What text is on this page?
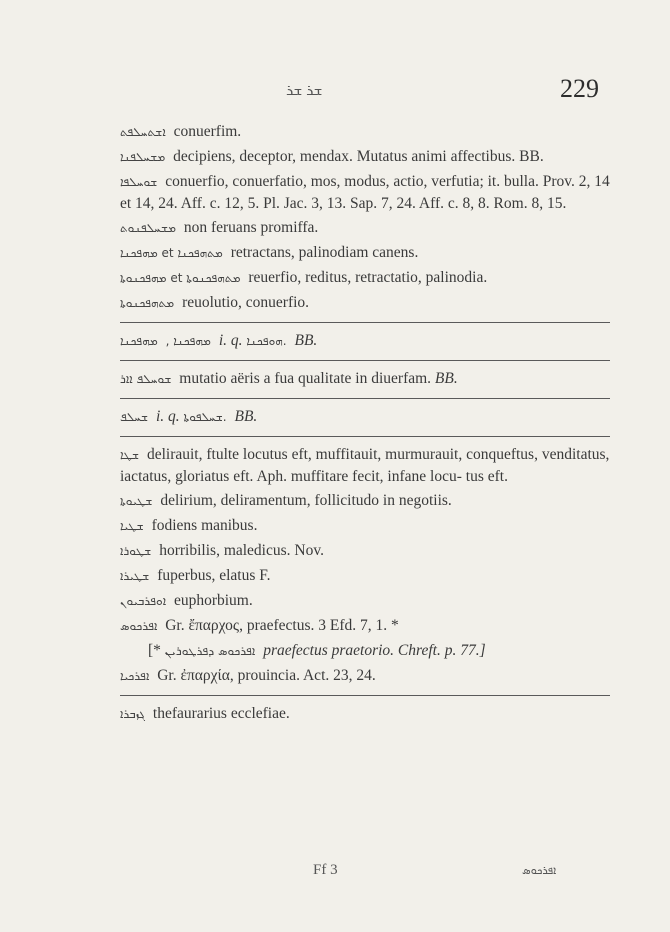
ܫܪ ܫܪ	229
ܐܫܬܚܠܦܬ conuerfim.
ܡܫܚܠܦܢܐ decipiens, deceptor, mendax. Mutatus animi affectibus. BB.
ܫܘܚܠܦܐ conuerfio, conuerfatio, mos, modus, actio, verfutia; it. bulla. Prov. 2, 14 et 14, 24. Aff. c. 12, 5. Pl. Jac. 3, 13. Sap. 7, 24. Aff. c. 8, 8. Rom. 8, 15.
ܡܫܚܠܦܢܘܬ non feruans promiffa.
ܡܗܦܟܢܐ et ܡܬܗܦܟܢܐ retractans, palinodiam canens.
ܡܗܦܟܢܘܬܐ et ܡܬܗܦܟܢܘܬܐ reuerfio, reditus, retractatio, palinodia.
ܡܬܗܦܟܢܘܬܐ reuolutio, conuerfio.
ܡܗܦܟܢܐ , ܡܗܦܟܢܐ	i. q. ܗܘܦܟܢܐ. BB.
ܫܘܚܠܦ ܐܐܪ mutatio aëris a fua qualitate in diuerfam. BB.
ܫܚܠܦ i. q. ܫܚܠܦܘܬܐ. BB.
ܫܛܐ delirauit, ftulte locutus eft, muffitauit, murmurauit, conqueftus, venditatus, iactatus, gloriatus eft. Aph. muffitare fecit, infane locu- tus eft.
ܫܛܝܘܬܐ delirium, deliramentum, follicitudo in negotiis.
ܫܛܝܐ fodiens manibus.
ܫܛܘܪܐ horribilis, maledicus. Nov.
ܫܛܝܪܐ fuperbus, elatus F.
ܐܘܦܪܒܝܘܢ euphorbium.
ܐܦܪܟܘܣ Gr. ἔπαρχος, praefectus. 3 Efd. 7, 1. *
[* ܐܦܪܟܘܣ ܕܦܪܛܘܪܝܢ praefectus praetorio. Chreft. p. 77.]
ܐܦܪܟܝܐ Gr. ἐπαρχία, prouincia. Act. 23, 24.
ܓܙܒܪܐ thefaurarius ecclefiae.
Ff 3	ܐܦܪܟܘܣ
